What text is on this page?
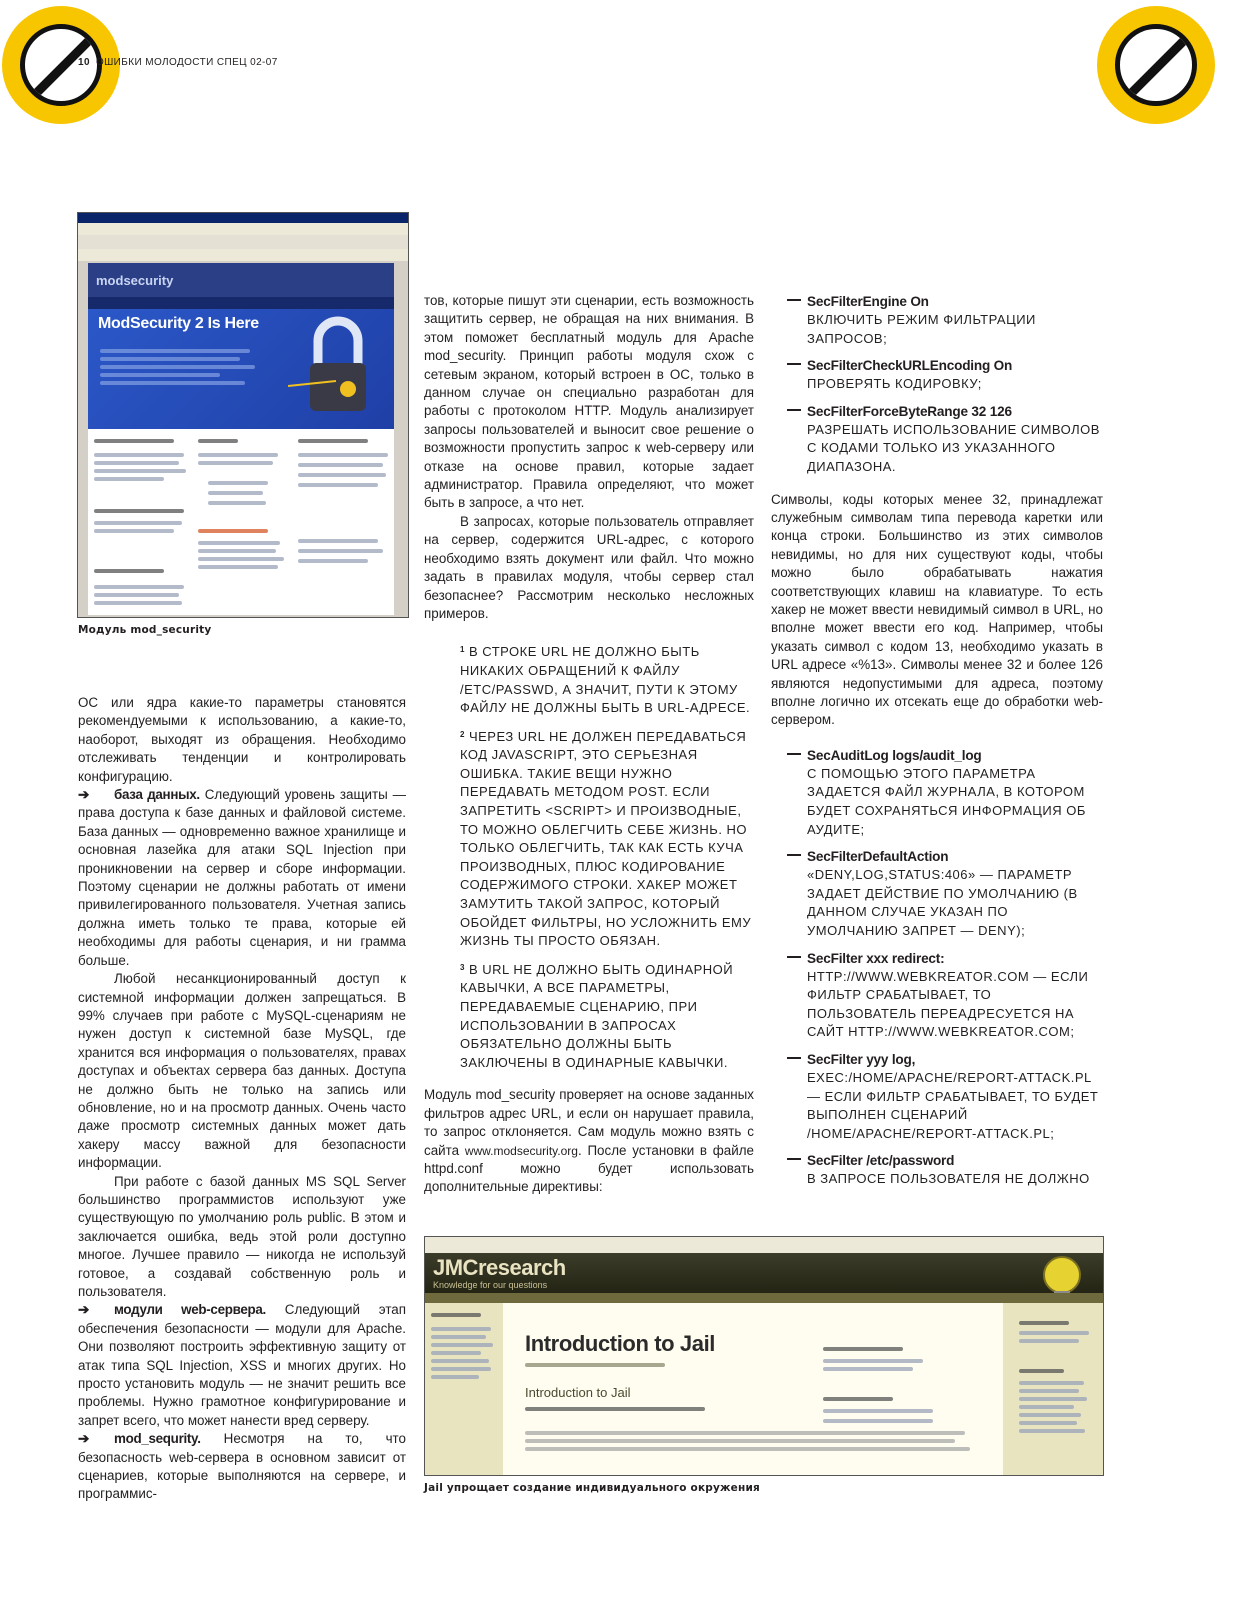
10 ОШИБКИ МОЛОДОСТИ СПЕЦ 02-07
modsecurity
ModSecurity 2 Is Here
Модуль mod_security

ОС или ядра какие-то параметры становятся рекомендуемыми к использованию, а какие-то, наоборот, выходят из обращения. Необходимо отслеживать тенденции и контролировать конфигурацию.

➔ база данных. Следующий уровень защиты — права доступа к базе данных и файловой системе. База данных — одновременно важное хранилище и основная лазейка для атаки SQL Injection при проникновении на сервер и сборе информации. Поэтому сценарии не должны работать от имени привилегированного пользователя. Учетная запись должна иметь только те права, которые ей необходимы для работы сценария, и ни грамма больше.

Любой несанкционированный доступ к системной информации должен запрещаться. В 99% случаев при работе с MySQL-сценариям не нужен доступ к системной базе MySQL, где хранится вся информация о пользователях, правах доступах и объектах сервера баз данных. Доступа не должно быть не только на запись или обновление, но и на просмотр данных. Очень часто даже просмотр системных данных может дать хакеру массу важной для безопасности информации.

При работе с базой данных MS SQL Server большинство программистов используют уже существующую по умолчанию роль public. В этом и заключается ошибка, ведь этой роли доступно многое. Лучшее правило — никогда не используй готовое, а создавай собственную роль и пользователя.

➔ модули web-сервера. Следующий этап обеспечения безопасности — модули для Apache. Они позволяют построить эффективную защиту от атак типа SQL Injection, XSS и многих других. Но просто установить модуль — не значит решить все проблемы. Нужно грамотное конфигурирование и запрет всего, что может нанести вред серверу.

➔ mod_sequrity. Несмотря на то, что безопасность web-сервера в основном зависит от сценариев, которые выполняются на сервере, и программис-

тов, которые пишут эти сценарии, есть возможность защитить сервер, не обращая на них внимания. В этом поможет бесплатный модуль для Apache mod_security. Принцип работы модуля схож с сетевым экраном, который встроен в ОС, только в данном случае он специально разработан для работы с протоколом HTTP. Модуль анализирует запросы пользователей и выносит свое решение о возможности пропустить запрос к web-серверу или отказе на основе правил, которые задает администратор. Правила определяют, что может быть в запросе, а что нет.

В запросах, которые пользователь отправляет на сервер, содержится URL-адрес, с которого необходимо взять документ или файл. Что можно задать в правилах модуля, чтобы сервер стал безопаснее? Рассмотрим несколько несложных примеров.

$^1$ В СТРОКЕ URL НЕ ДОЛЖНО БЫТЬ НИКАКИХ ОБРАЩЕНИЙ К ФАЙЛУ /ETC/PASSWD, А ЗНАЧИТ, ПУТИ К ЭТОМУ ФАЙЛУ НЕ ДОЛЖНЫ БЫТЬ В URL-АДРЕСЕ.
$^2$ ЧЕРЕЗ URL НЕ ДОЛЖЕН ПЕРЕДАВАТЬСЯ КОД JAVASCRIPT, ЭТО СЕРЬЕЗНАЯ ОШИБКА. ТАКИЕ ВЕЩИ НУЖНО ПЕРЕДАВАТЬ МЕТОДОМ POST. ЕСЛИ ЗАПРЕТИТЬ <SCRIPT> И ПРОИЗВОДНЫЕ, ТО МОЖНО ОБЛЕГЧИТЬ СЕБЕ ЖИЗНЬ. НО ТОЛЬКО ОБЛЕГЧИТЬ, ТАК КАК ЕСТЬ КУЧА ПРОИЗВОДНЫХ, ПЛЮС КОДИРОВАНИЕ СОДЕРЖИМОГО СТРОКИ. ХАКЕР МОЖЕТ ЗАМУТИТЬ ТАКОЙ ЗАПРОС, КОТОРЫЙ ОБОЙДЕТ ФИЛЬТРЫ, НО УСЛОЖНИТЬ ЕМУ ЖИЗНЬ ТЫ ПРОСТО ОБЯЗАН.
$^3$ В URL НЕ ДОЛЖНО БЫТЬ ОДИНАРНОЙ КАВЫЧКИ, А ВСЕ ПАРАМЕТРЫ, ПЕРЕДАВАЕМЫЕ СЦЕНАРИЮ, ПРИ ИСПОЛЬЗОВАНИИ В ЗАПРОСАХ ОБЯЗАТЕЛЬНО ДОЛЖНЫ БЫТЬ ЗАКЛЮЧЕНЫ В ОДИНАРНЫЕ КАВЫЧКИ.

Модуль mod_security проверяет на основе заданных фильтров адрес URL, и если он нарушает правила, то запрос отклоняется. Сам модуль можно взять с сайта www.modsecurity.org. После установки в файле httpd.conf можно будет использовать дополнительные директивы:

SecFilterEngine On
ВКЛЮЧИТЬ РЕЖИМ ФИЛЬТРАЦИИ ЗАПРОСОВ;
SecFilterCheckURLEncoding On
ПРОВЕРЯТЬ КОДИРОВКУ;
SecFilterForceByteRange 32 126
РАЗРЕШАТЬ ИСПОЛЬЗОВАНИЕ СИМВОЛОВ С КОДАМИ ТОЛЬКО ИЗ УКАЗАННОГО ДИАПАЗОНА.

Символы, коды которых менее 32, принадлежат служебным символам типа перевода каретки или конца строки. Большинство из этих символов невидимы, но для них существуют коды, чтобы можно было обрабатывать нажатия соответствующих клавиш на клавиатуре. То есть хакер не может ввести невидимый символ в URL, но вполне может ввести его код. Например, чтобы указать символ с кодом 13, необходимо указать в URL адресе «%13». Символы менее 32 и более 126 являются недопустимыми для адреса, поэтому вполне логично их отсекать еще до обработки web-сервером.

SecAuditLog logs/audit_log
С ПОМОЩЬЮ ЭТОГО ПАРАМЕТРА ЗАДАЕТСЯ ФАЙЛ ЖУРНАЛА, В КОТОРОМ БУДЕТ СОХРАНЯТЬСЯ ИНФОРМАЦИЯ ОБ АУДИТЕ;
SecFilterDefaultAction
«DENY,LOG,STATUS:406» — ПАРАМЕТР ЗАДАЕТ ДЕЙСТВИЕ ПО УМОЛЧАНИЮ (В ДАННОМ СЛУЧАЕ УКАЗАН ПО УМОЛЧАНИЮ ЗАПРЕТ — DENY);
SecFilter xxx redirect:
HTTP://WWW.WEBKREATOR.COM — ЕСЛИ ФИЛЬТР СРАБАТЫВАЕТ, ТО ПОЛЬЗОВАТЕЛЬ ПЕРЕАДРЕСУЕТСЯ НА САЙТ HTTP://WWW.WEBKREATOR.COM;
SecFilter yyy log,
EXEC:/HOME/APACHE/REPORT-ATTACK.PL — ЕСЛИ ФИЛЬТР СРАБАТЫВАЕТ, ТО БУДЕТ ВЫПОЛНЕН СЦЕНАРИЙ /HOME/APACHE/REPORT-ATTACK.PL;
SecFilter /etc/password
В ЗАПРОСЕ ПОЛЬЗОВАТЕЛЯ НЕ ДОЛЖНО
JMCresearch
Knowledge for our questions
Introduction to Jail
Introduction to Jail
Jail упрощает создание индивидуального окружения
